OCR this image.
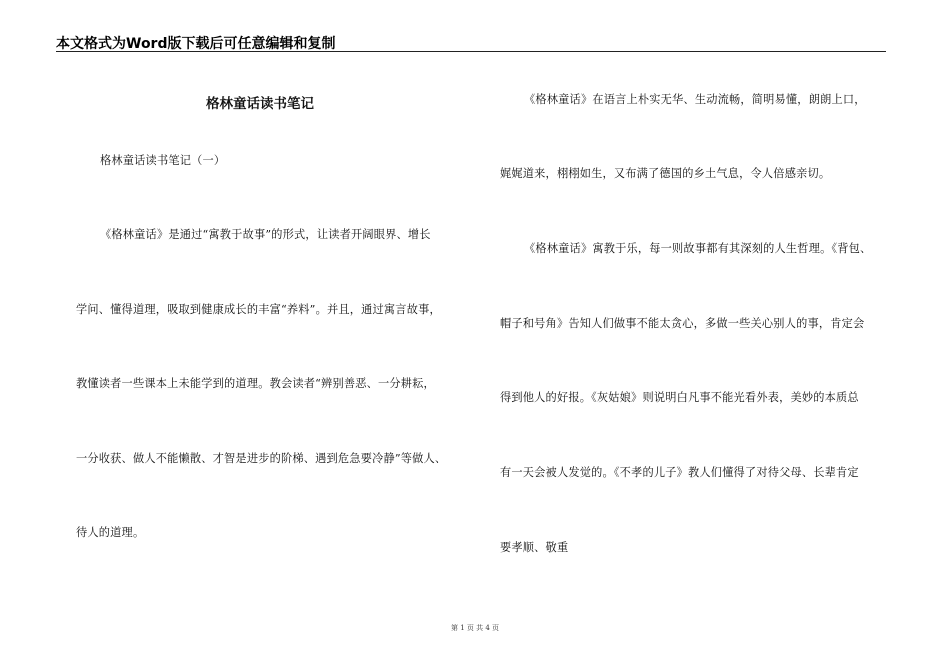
本文格式为Word版下载后可任意编辑和复制
格林童话读书笔记
格林童话读书笔记（一）
《格林童话》是通过“寓教于故事”的形式，让读者开阔眼界、增长
学问、懂得道理，吸取到健康成长的丰富“养料”。并且，通过寓言故事，
教懂读者一些课本上未能学到的道理。教会读者“辨别善恶、一分耕耘，
一分收获、做人不能懒散、才智是进步的阶梯、遇到危急要冷静”等做人、
待人的道理。
《格林童话》在语言上朴实无华、生动流畅，简明易懂，朗朗上口，
娓娓道来，栩栩如生，又布满了德国的乡土气息，令人倍感亲切。
《格林童话》寓教于乐，每一则故事都有其深刻的人生哲理。《背包、
帽子和号角》告知人们做事不能太贪心，多做一些关心别人的事，肯定会
得到他人的好报。《灰姑娘》则说明白凡事不能光看外表，美妙的本质总
有一天会被人发觉的。《不孝的儿子》教人们懂得了对待父母、长辈肯定
要孝顺、敬重
第 1 页 共 4 页
